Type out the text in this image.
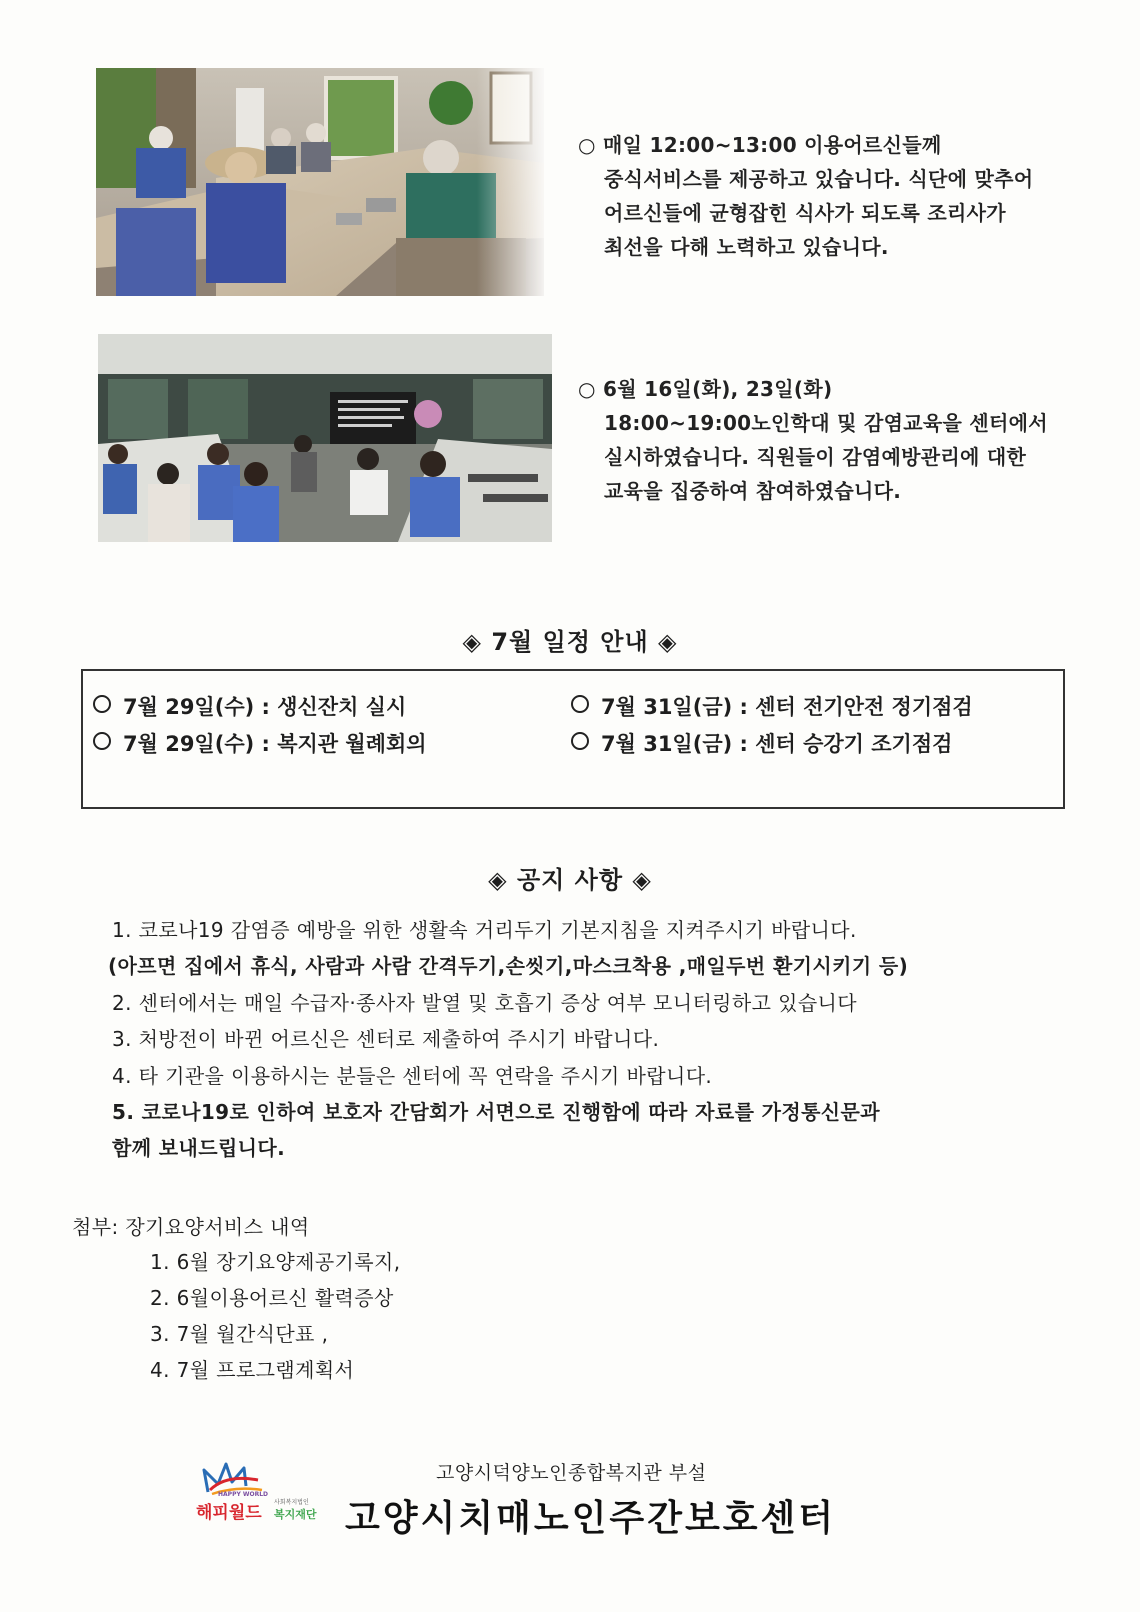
○ 매일 12:00~13:00 이용어르신들께 중식서비스를 제공하고 있습니다. 식단에 맞추어 어르신들에 균형잡힌 식사가 되도록 조리사가 최선을 다해 노력하고 있습니다.
○ 6월 16일(화), 23일(화) 18:00~19:00노인학대 및 감염교육을 센터에서 실시하였습니다. 직원들이 감염예방관리에 대한 교육을 집중하여 참여하였습니다.
◈ 7월 일정 안내 ◈
7월 29일(수) : 생신잔치 실시
7월 29일(수) : 복지관 월례회의
7월 31일(금) : 센터 전기안전 정기점검
7월 31일(금) : 센터 승강기 조기점검
◈ 공지 사항 ◈
1. 코로나19 감염증 예방을 위한 생활속 거리두기 기본지침을 지켜주시기 바랍니다.
(아프면 집에서 휴식, 사람과 사람 간격두기,손씻기,마스크착용 ,매일두번 환기시키기 등)
2. 센터에서는 매일 수급자·종사자 발열 및 호흡기 증상 여부 모니터링하고 있습니다
3. 처방전이 바뀐 어르신은 센터로 제출하여 주시기 바랍니다.
4. 타 기관을 이용하시는 분들은 센터에 꼭 연락을 주시기 바랍니다.
5. 코로나19로 인하여 보호자 간담회가 서면으로 진행함에 따라 자료를 가정통신문과
함께 보내드립니다.
첨부: 장기요양서비스 내역
1. 6월 장기요양제공기록지,
2. 6월이용어르신 활력증상
3. 7월 월간식단표 ,
4. 7월 프로그램계획서
HAPPY WORLD
해피월드
사회복지법인
복지재단
고양시덕양노인종합복지관 부설
고양시치매노인주간보호센터
